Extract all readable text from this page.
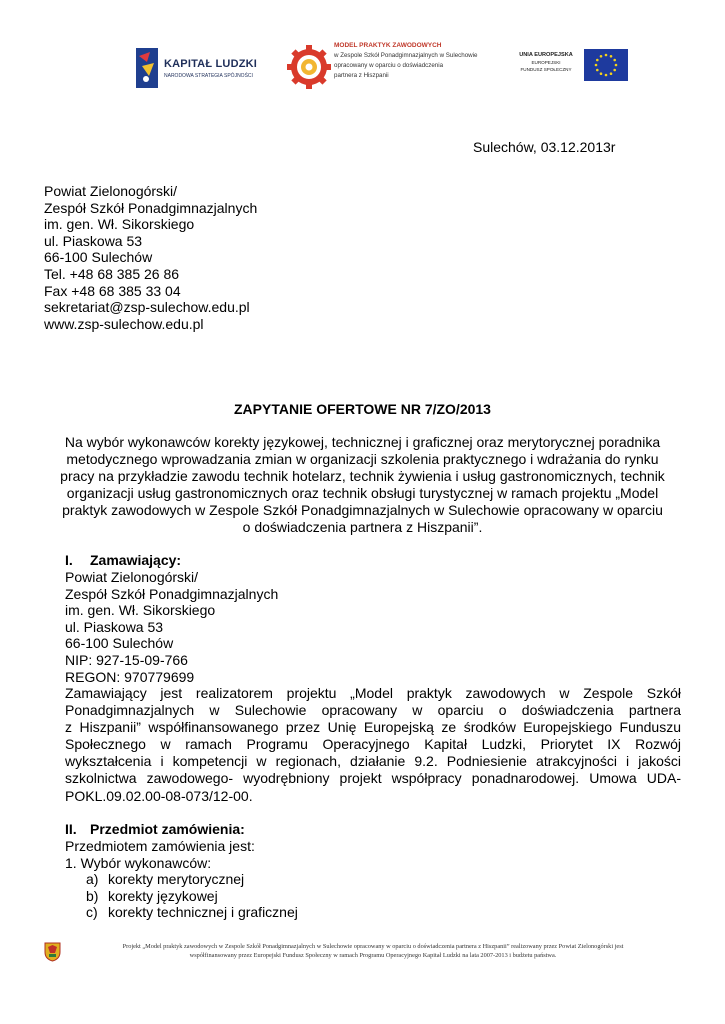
KAPITAŁ LUDZKI
NARODOWA STRATEGIA SPÓJNOŚCI
MODEL PRAKTYK ZAWODOWYCH
w Zespole Szkół Ponadgimnazjalnych w Sulechowie
opracowany w oparciu o doświadczenia
partnera z Hiszpanii
UNIA EUROPEJSKA
EUROPEJSKI
FUNDUSZ SPOŁECZNY
Sulechów, 03.12.2013r
Powiat Zielonogórski/
Zespół Szkół Ponadgimnazjalnych
im. gen. Wł. Sikorskiego
ul. Piaskowa 53
66-100 Sulechów
Tel. +48 68 385 26 86
Fax +48 68 385 33 04
sekretariat@zsp-sulechow.edu.pl
www.zsp-sulechow.edu.pl
ZAPYTANIE OFERTOWE NR 7/ZO/2013
Na wybór wykonawców korekty językowej, technicznej i graficznej oraz merytorycznej poradnika
metodycznego wprowadzania zmian w organizacji szkolenia praktycznego i wdrażania do rynku
pracy na przykładzie zawodu technik hotelarz, technik żywienia i usług gastronomicznych, technik
organizacji usług gastronomicznych oraz technik obsługi turystycznej w ramach projektu „Model
praktyk zawodowych w Zespole Szkół Ponadgimnazjalnych w Sulechowie opracowany w oparciu
o doświadczenia partnera z Hiszpanii”.
I. Zamawiający:
Powiat Zielonogórski/
Zespół Szkół Ponadgimnazjalnych
im. gen. Wł. Sikorskiego
ul. Piaskowa 53
66-100 Sulechów
NIP: 927-15-09-766
REGON: 970779699
Zamawiający jest realizatorem projektu „Model praktyk zawodowych w Zespole Szkół
Ponadgimnazjalnych w Sulechowie opracowany w oparciu o doświadczenia partnera
z Hiszpanii” współfinansowanego przez Unię Europejską ze środków Europejskiego Funduszu
Społecznego w ramach Programu Operacyjnego Kapitał Ludzki, Priorytet IX Rozwój
wykształcenia i kompetencji w regionach, działanie 9.2. Podniesienie atrakcyjności i jakości
szkolnictwa zawodowego- wyodrębniony projekt współpracy ponadnarodowej. Umowa UDA-
POKL.09.02.00-08-073/12-00.
II. Przedmiot zamówienia:
Przedmiotem zamówienia jest:
1. Wybór wykonawców:
a) korekty merytorycznej
b) korekty językowej
c) korekty technicznej i graficznej
Projekt „Model praktyk zawodowych w Zespole Szkół Ponadgimnazjalnych w Sulechowie opracowany w oparciu o doświadczenia partnera z Hiszpanii” realizowany przez Powiat Zielonogórski jest
współfinansowany przez Europejski Fundusz Społeczny w ramach Programu Operacyjnego Kapitał Ludzki na lata 2007-2013 i budżetu państwa.
